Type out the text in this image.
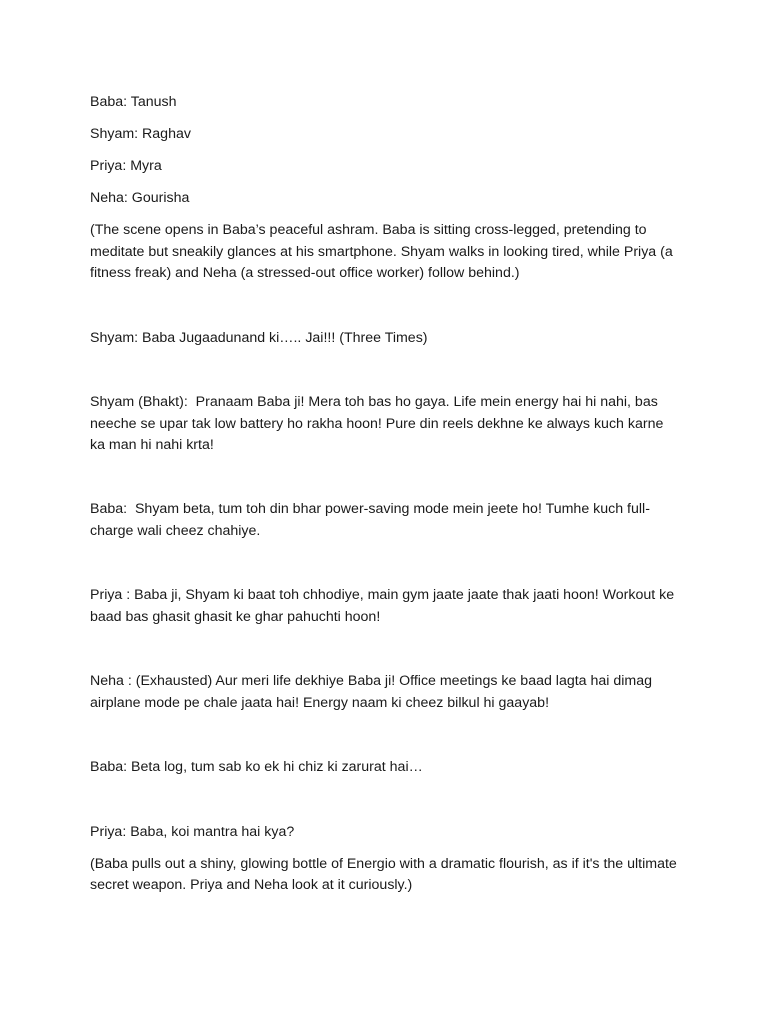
Baba: Tanush

Shyam: Raghav

Priya: Myra

Neha: Gourisha

(The scene opens in Baba’s peaceful ashram. Baba is sitting cross-legged, pretending to meditate but sneakily glances at his smartphone. Shyam walks in looking tired, while Priya (a fitness freak) and Neha (a stressed-out office worker) follow behind.)

Shyam: Baba Jugaadunand ki….. Jai!!! (Three Times)

Shyam (Bhakt):  Pranaam Baba ji! Mera toh bas ho gaya. Life mein energy hai hi nahi, bas neeche se upar tak low battery ho rakha hoon! Pure din reels dekhne ke always kuch karne ka man hi nahi krta!

Baba:  Shyam beta, tum toh din bhar power-saving mode mein jeete ho! Tumhe kuch full-charge wali cheez chahiye.

Priya : Baba ji, Shyam ki baat toh chhodiye, main gym jaate jaate thak jaati hoon! Workout ke baad bas ghasit ghasit ke ghar pahuchti hoon!

Neha : (Exhausted) Aur meri life dekhiye Baba ji! Office meetings ke baad lagta hai dimag airplane mode pe chale jaata hai! Energy naam ki cheez bilkul hi gaayab!

Baba: Beta log, tum sab ko ek hi chiz ki zarurat hai…

Priya: Baba, koi mantra hai kya?

(Baba pulls out a shiny, glowing bottle of Energio with a dramatic flourish, as if it's the ultimate secret weapon. Priya and Neha look at it curiously.)
